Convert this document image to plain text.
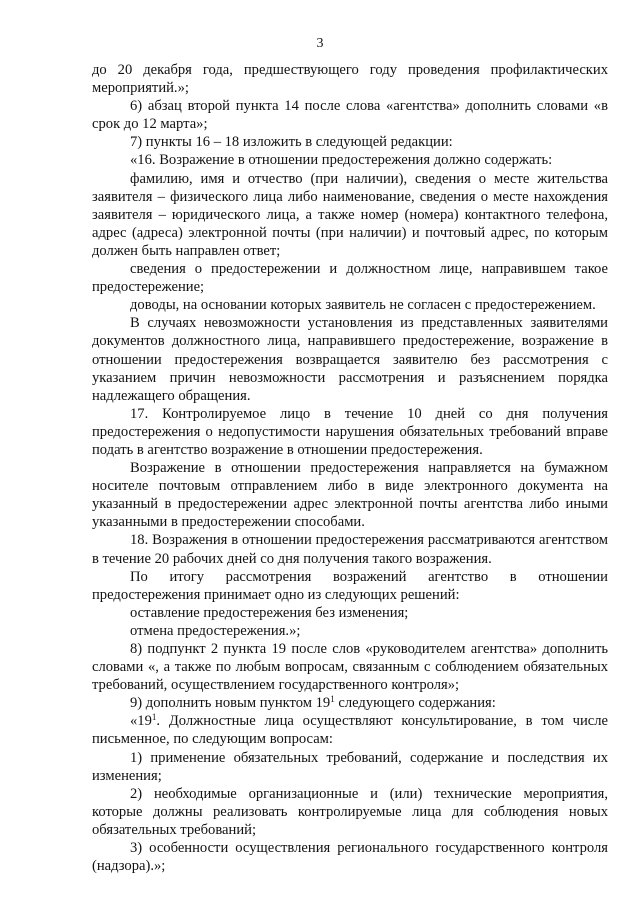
3

до 20 декабря года, предшествующего году проведения профилактических мероприятий.»;

6) абзац второй пункта 14 после слова «агентства» дополнить словами «в срок до 12 марта»;

7) пункты 16 – 18 изложить в следующей редакции:

«16. Возражение в отношении предостережения должно содержать:

фамилию, имя и отчество (при наличии), сведения о месте жительства заявителя – физического лица либо наименование, сведения о месте нахождения заявителя – юридического лица, а также номер (номера) контактного телефона, адрес (адреса) электронной почты (при наличии) и почтовый адрес, по которым должен быть направлен ответ;

сведения о предостережении и должностном лице, направившем такое предостережение;

доводы, на основании которых заявитель не согласен с предостережением.

В случаях невозможности установления из представленных заявителями документов должностного лица, направившего предостережение, возражение в отношении предостережения возвращается заявителю без рассмотрения с указанием причин невозможности рассмотрения и разъяснением порядка надлежащего обращения.

17. Контролируемое лицо в течение 10 дней со дня получения предостережения о недопустимости нарушения обязательных требований вправе подать в агентство возражение в отношении предостережения.

Возражение в отношении предостережения направляется на бумажном носителе почтовым отправлением либо в виде электронного документа на указанный в предостережении адрес электронной почты агентства либо иными указанными в предостережении способами.

18. Возражения в отношении предостережения рассматриваются агентством в течение 20 рабочих дней со дня получения такого возражения.

По итогу рассмотрения возражений агентство в отношении предостережения принимает одно из следующих решений:

оставление предостережения без изменения;

отмена предостережения.»;

8) подпункт 2 пункта 19 после слов «руководителем агентства» дополнить словами «, а также по любым вопросам, связанным с соблюдением обязательных требований, осуществлением государственного контроля»;

9) дополнить новым пунктом $19^1$ следующего содержания:

«$19^1$. Должностные лица осуществляют консультирование, в том числе письменное, по следующим вопросам:

1) применение обязательных требований, содержание и последствия их изменения;

2) необходимые организационные и (или) технические мероприятия, которые должны реализовать контролируемые лица для соблюдения новых обязательных требований;

3) особенности осуществления регионального государственного контроля (надзора).»;
